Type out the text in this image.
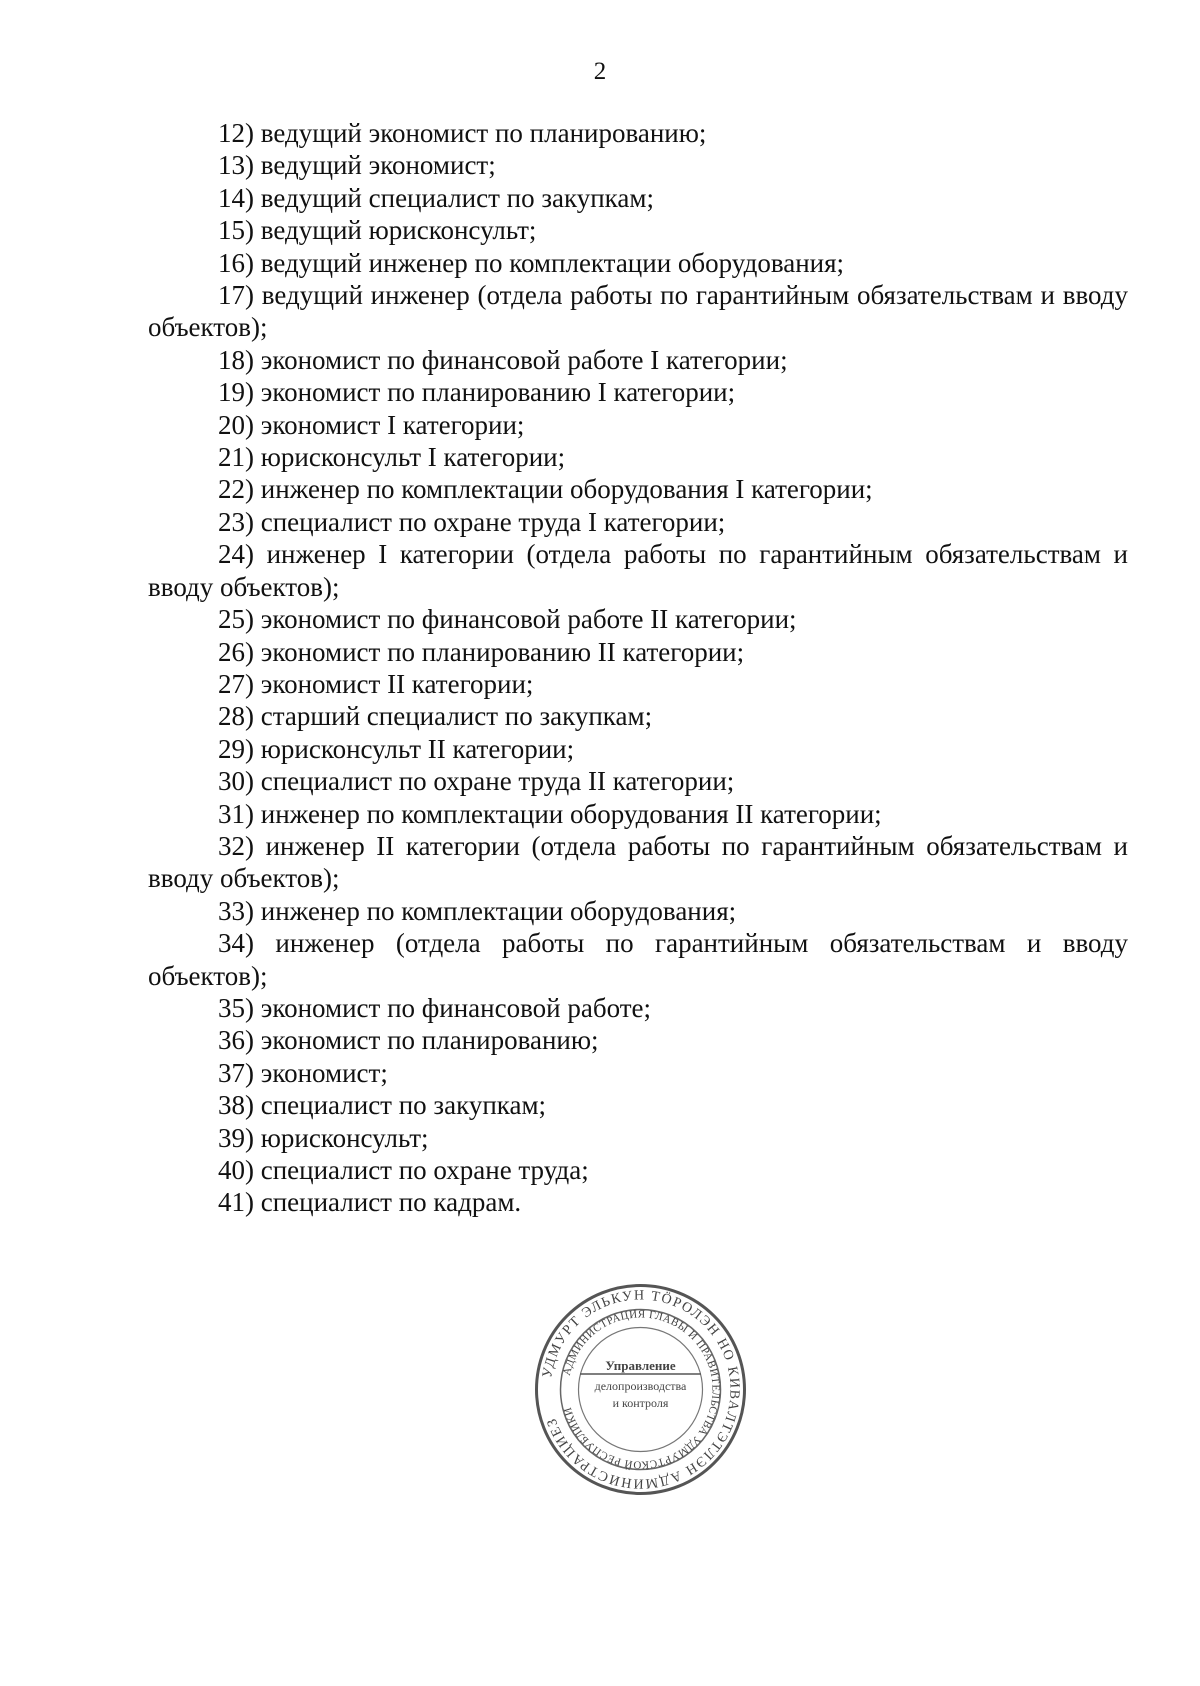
2

12) ведущий экономист по планированию;

13) ведущий экономист;

14) ведущий специалист по закупкам;

15) ведущий юрисконсульт;

16) ведущий инженер по комплектации оборудования;

17) ведущий инженер (отдела работы по гарантийным обязательствам и вводу объектов);

18) экономист по финансовой работе I категории;

19) экономист по планированию I категории;

20) экономист I категории;

21) юрисконсульт I категории;

22) инженер по комплектации оборудования I категории;

23) специалист по охране труда I категории;

24) инженер I категории (отдела работы по гарантийным обязательствам и вводу объектов);

25) экономист по финансовой работе II категории;

26) экономист по планированию II категории;

27) экономист II категории;

28) старший специалист по закупкам;

29) юрисконсульт II категории;

30) специалист по охране труда II категории;

31) инженер по комплектации оборудования II категории;

32) инженер II категории (отдела работы по гарантийным обязательствам и вводу объектов);

33) инженер по комплектации оборудования;

34) инженер (отдела работы по гарантийным обязательствам и вводу объектов);

35) экономист по финансовой работе;

36) экономист по планированию;

37) экономист;

38) специалист по закупкам;

39) юрисконсульт;

40) специалист по охране труда;

41) специалист по кадрам.

УДМУРТ ЭЛЬКУН ТӦРОЛЭН НО КИВАЛТЭТЛЭН АДМИНИСТРАЦИЕЗ
АДМИНИСТРАЦИЯ ГЛАВЫ И ПРАВИТЕЛЬСТВА УДМУРТСКОЙ РЕСПУБЛИКИ
Управление
делопроизводства
и контроля
